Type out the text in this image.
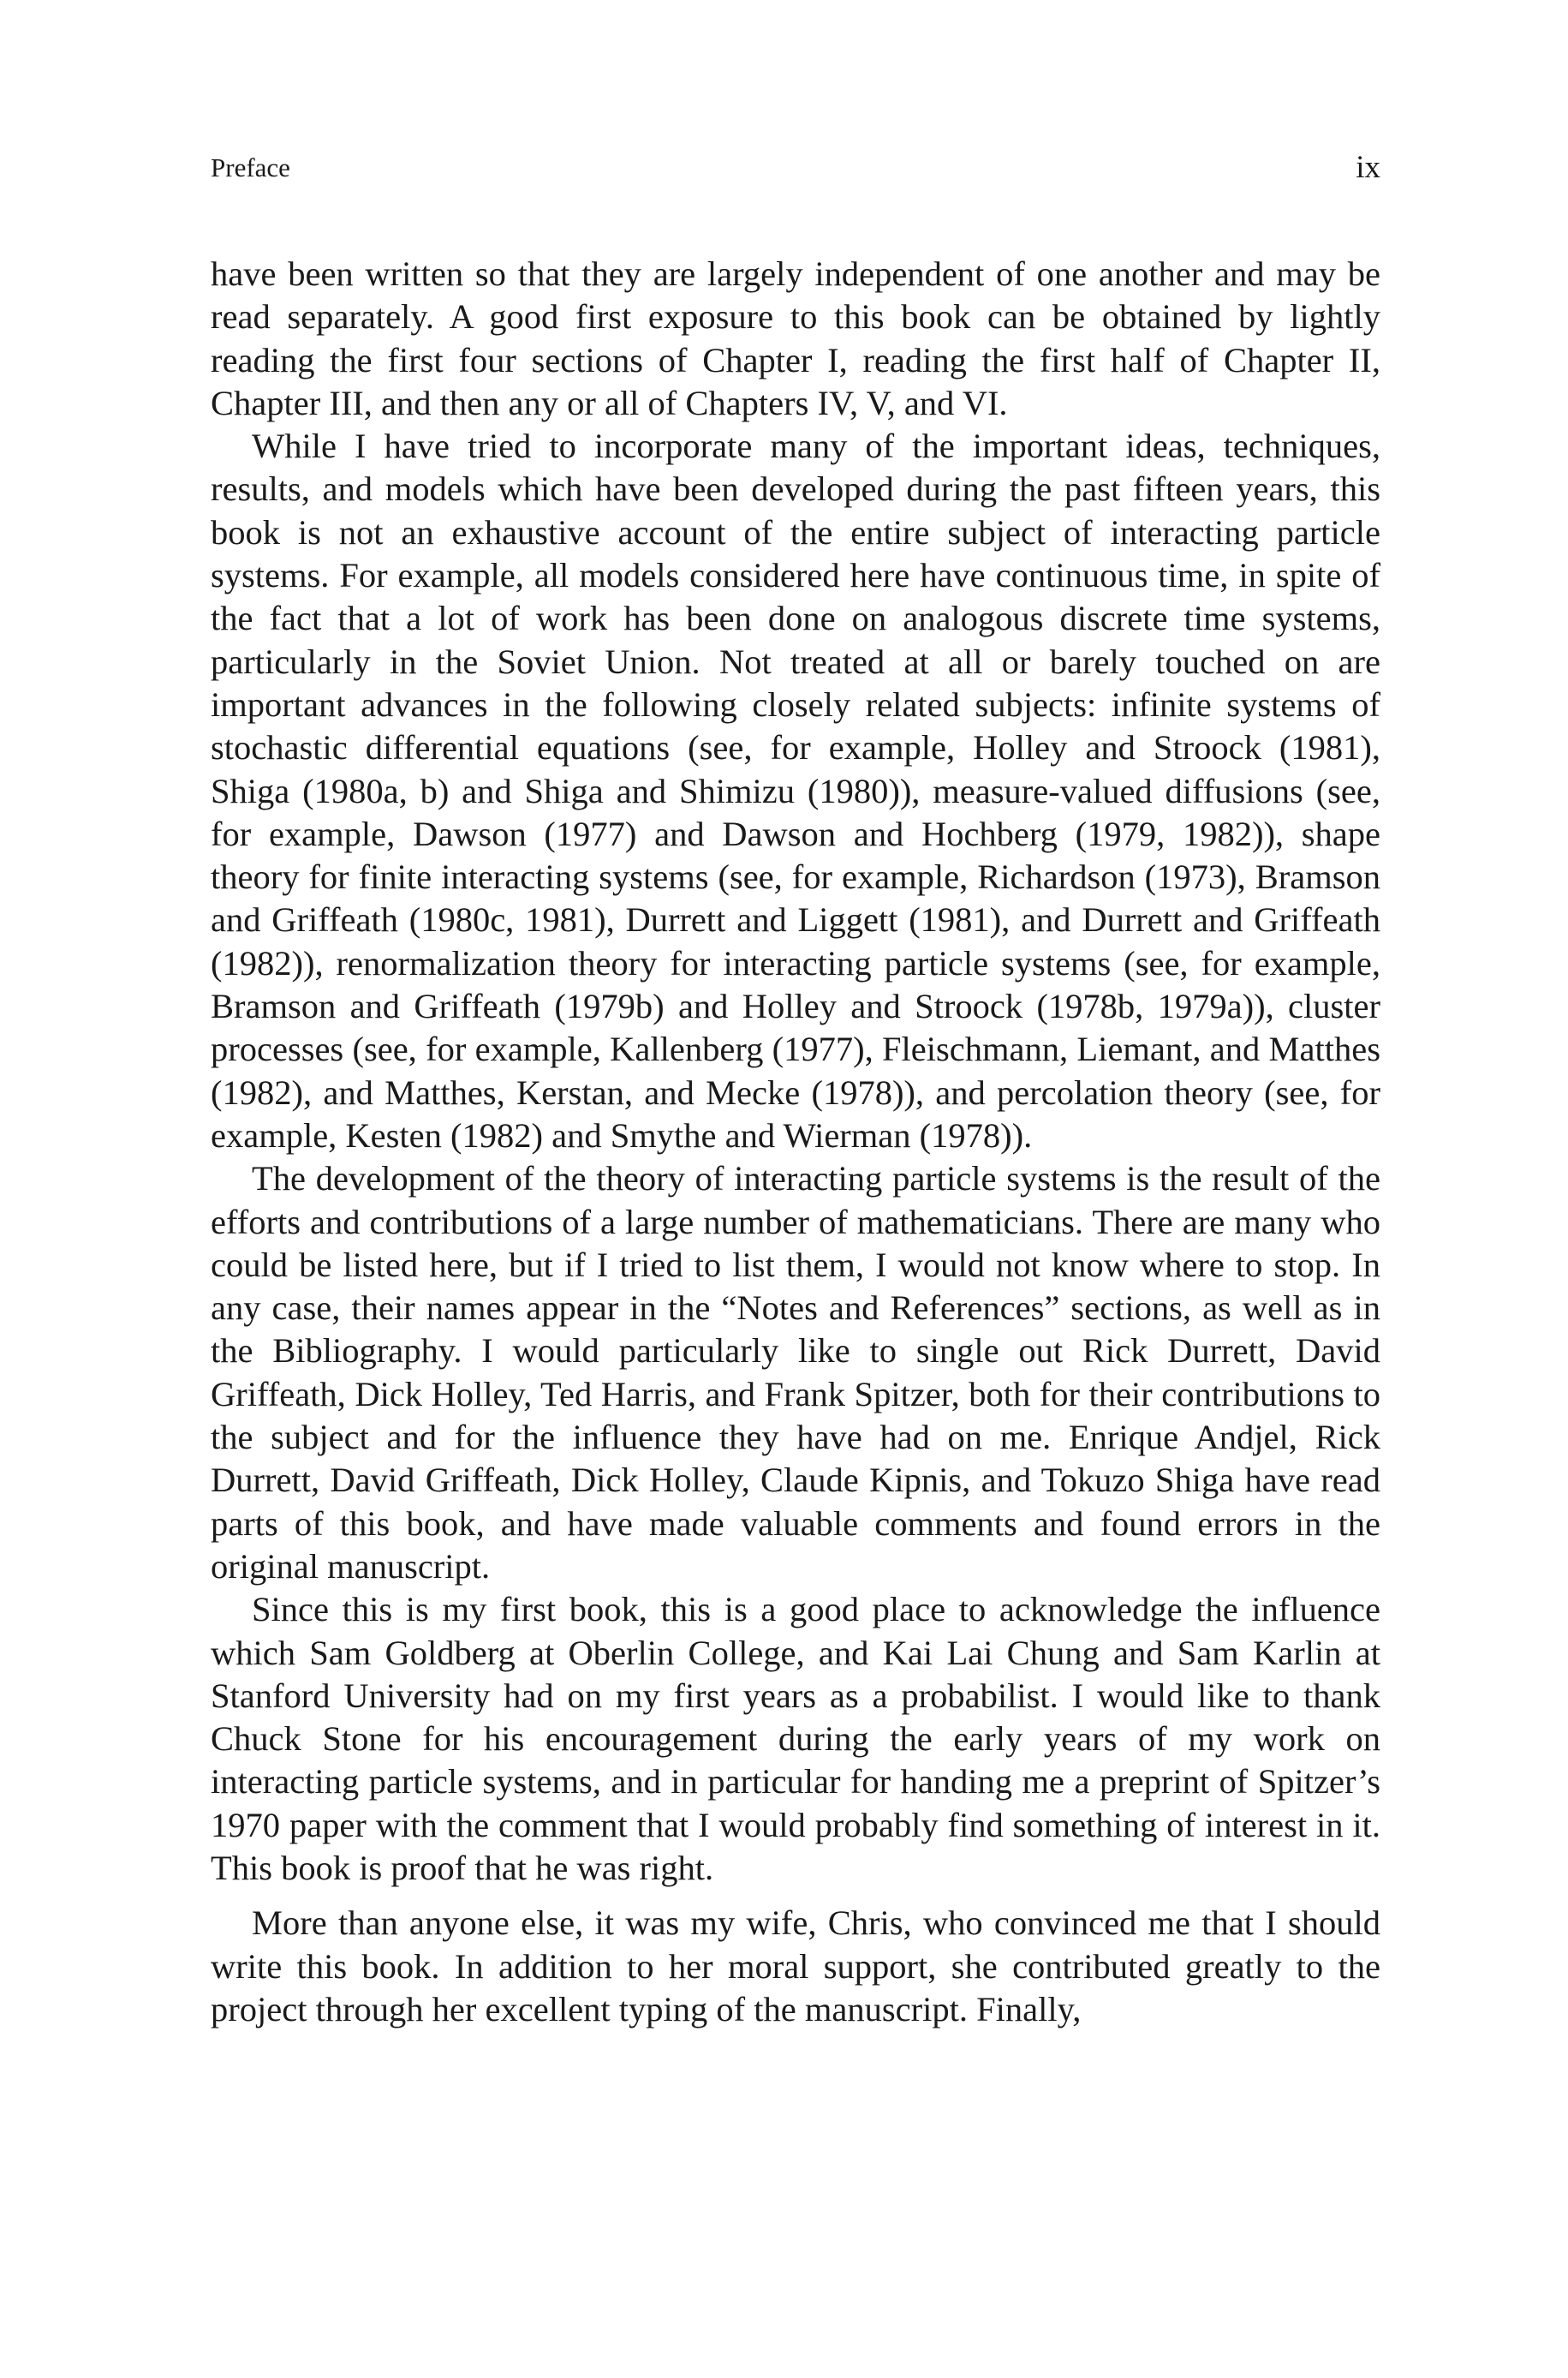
Preface	ix

have been written so that they are largely independent of one another and may be read separately. A good first exposure to this book can be obtained by lightly reading the first four sections of Chapter I, reading the first half of Chapter II, Chapter III, and then any or all of Chapters IV, V, and VI.

While I have tried to incorporate many of the important ideas, techniques, results, and models which have been developed during the past fifteen years, this book is not an exhaustive account of the entire subject of interacting particle systems. For example, all models considered here have continuous time, in spite of the fact that a lot of work has been done on analogous discrete time systems, particularly in the Soviet Union. Not treated at all or barely touched on are important advances in the following closely related subjects: infinite systems of stochastic differential equations (see, for example, Holley and Stroock (1981), Shiga (1980a, b) and Shiga and Shimizu (1980)), measure-valued diffusions (see, for example, Dawson (1977) and Dawson and Hochberg (1979, 1982)), shape theory for finite interacting systems (see, for example, Richardson (1973), Bramson and Griffeath (1980c, 1981), Durrett and Liggett (1981), and Durrett and Griffeath (1982)), renormalization theory for interacting particle systems (see, for example, Bramson and Griffeath (1979b) and Holley and Stroock (1978b, 1979a)), cluster processes (see, for example, Kallenberg (1977), Fleischmann, Liemant, and Matthes (1982), and Matthes, Kerstan, and Mecke (1978)), and percolation theory (see, for example, Kesten (1982) and Smythe and Wierman (1978)).

The development of the theory of interacting particle systems is the result of the efforts and contributions of a large number of mathematicians. There are many who could be listed here, but if I tried to list them, I would not know where to stop. In any case, their names appear in the “Notes and References” sections, as well as in the Bibliography. I would particularly like to single out Rick Durrett, David Griffeath, Dick Holley, Ted Harris, and Frank Spitzer, both for their contributions to the subject and for the influence they have had on me. Enrique Andjel, Rick Durrett, David Griffeath, Dick Holley, Claude Kipnis, and Tokuzo Shiga have read parts of this book, and have made valuable comments and found errors in the original manuscript.

Since this is my first book, this is a good place to acknowledge the influence which Sam Goldberg at Oberlin College, and Kai Lai Chung and Sam Karlin at Stanford University had on my first years as a probabilist. I would like to thank Chuck Stone for his encouragement during the early years of my work on interacting particle systems, and in particular for handing me a preprint of Spitzer’s 1970 paper with the comment that I would probably find something of interest in it. This book is proof that he was right.

More than anyone else, it was my wife, Chris, who convinced me that I should write this book. In addition to her moral support, she contributed greatly to the project through her excellent typing of the manuscript. Finally,
